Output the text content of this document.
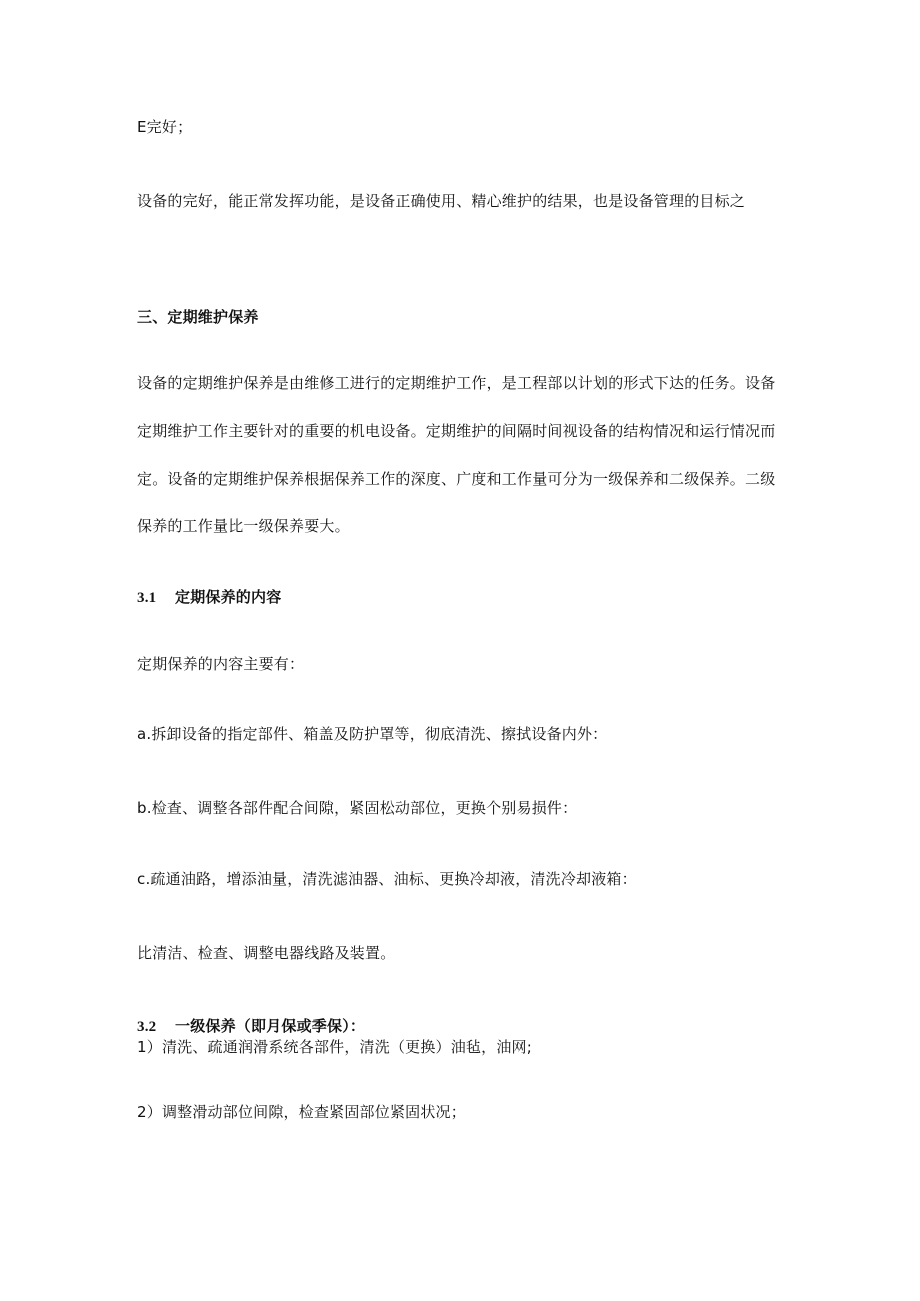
E完好；
设备的完好，能正常发挥功能，是设备正确使用、精心维护的结果，也是设备管理的目标之
三、定期维护保养
设备的定期维护保养是由维修工进行的定期维护工作，是工程部以计划的形式下达的任务。设备
定期维护工作主要针对的重要的机电设备。定期维护的间隔时间视设备的结构情况和运行情况而
定。设备的定期维护保养根据保养工作的深度、广度和工作量可分为一级保养和二级保养。二级
保养的工作量比一级保养要大。
3.1 定期保养的内容
定期保养的内容主要有：
a.拆卸设备的指定部件、箱盖及防护罩等，彻底清洗、擦拭设备内外：
b.检查、调整各部件配合间隙，紧固松动部位，更换个别易损件：
c.疏通油路，增添油量，清洗滤油器、油标、更换冷却液，清洗冷却液箱：
比清洁、检查、调整电器线路及装置。
3.2 一级保养（即月保或季保）：
1）清洗、疏通润滑系统各部件，清洗（更换）油毡，油网;
2）调整滑动部位间隙，检查紧固部位紧固状况；
